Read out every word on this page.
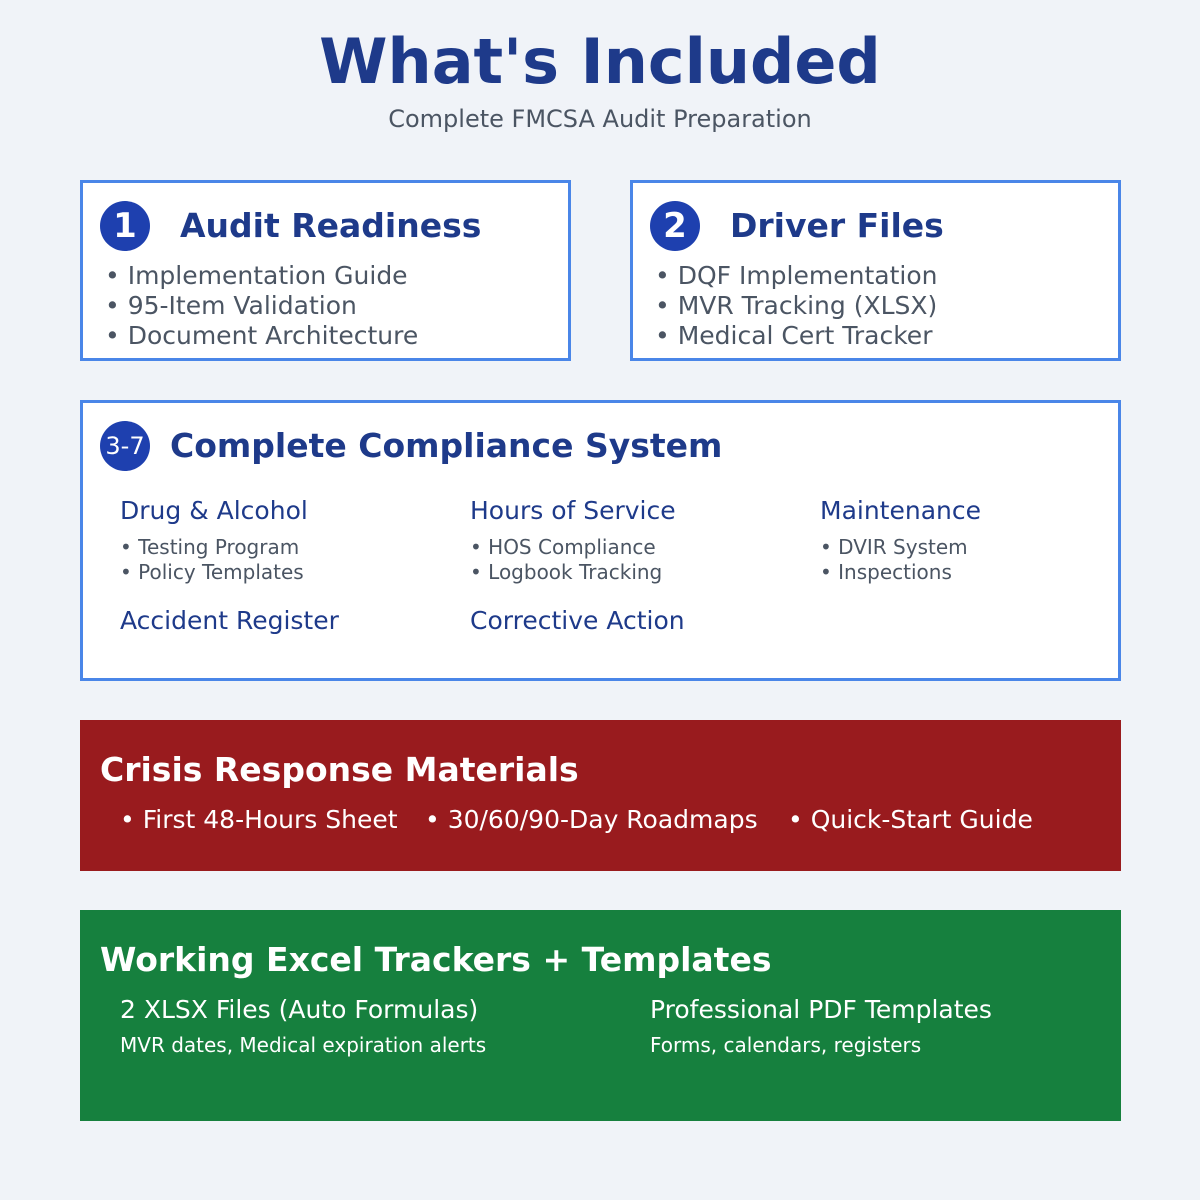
What's Included
Complete FMCSA Audit Preparation
1	Audit Readiness
• Implementation Guide
• 95-Item Validation
• Document Architecture
2	Driver Files
• DQF Implementation
• MVR Tracking (XLSX)
• Medical Cert Tracker
3-7 Complete Compliance System
Drug & Alcohol
• Testing Program
• Policy Templates
Hours of Service
• HOS Compliance
• Logbook Tracking
Maintenance
• DVIR System
• Inspections
Accident Register	Corrective Action
Crisis Response Materials
• First 48-Hours Sheet • 30/60/90-Day Roadmaps • Quick-Start Guide
Working Excel Trackers + Templates
2 XLSX Files (Auto Formulas)
MVR dates, Medical expiration alerts
Professional PDF Templates
Forms, calendars, registers
